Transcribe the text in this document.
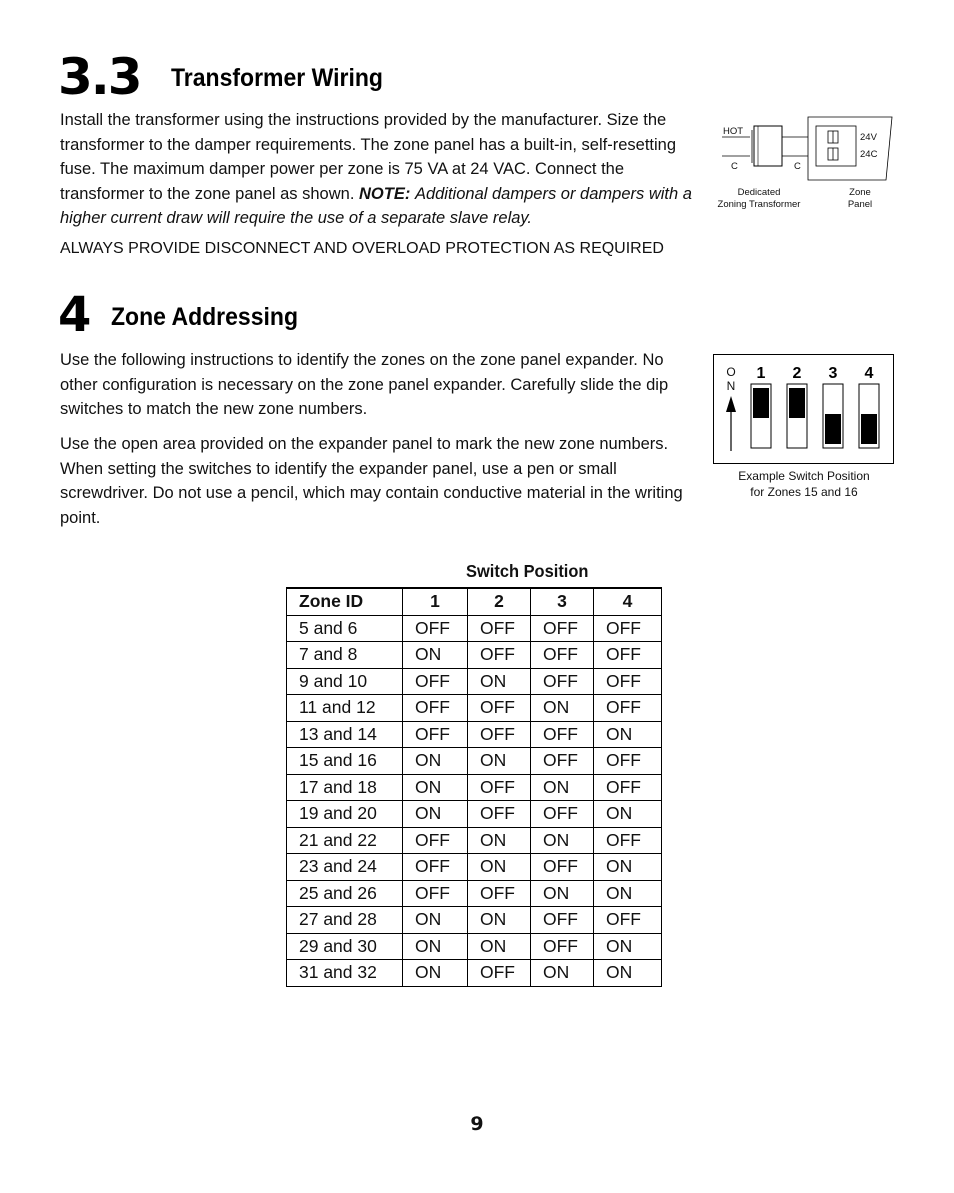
3.3 Transformer Wiring
Install the transformer using the instructions provided by the manufacturer. Size the transformer to the damper requirements. The zone panel has a built-in, self-resetting fuse. The maximum damper power per zone is 75 VA at 24 VAC. Connect the transformer to the zone panel as shown. NOTE: Additional dampers or dampers with a higher current draw will require the use of a separate slave relay.
ALWAYS PROVIDE DISCONNECT AND OVERLOAD PROTECTION AS REQUIRED
HOT
C	C
24V
24C
Dedicated
Zoning Transformer
Zone
Panel
4 Zone Addressing
Use the following instructions to identify the zones on the zone panel expander. No other configuration is necessary on the zone panel expander. Carefully slide the dip switches to match the new zone numbers.
Use the open area provided on the expander panel to mark the new zone numbers. When setting the switches to identify the expander panel, use a pen or small screwdriver. Do not use a pencil, which may contain conductive material in the writing point.
O
N
1 2 3 4
Example Switch Position
for Zones 15 and 16
Switch Position
Zone ID	1	2	3	4
5 and 6	OFF	OFF	OFF	OFF
7 and 8	ON	OFF	OFF	OFF
9 and 10	OFF	ON	OFF	OFF
11 and 12	OFF	OFF	ON	OFF
13 and 14	OFF	OFF	OFF	ON
15 and 16	ON	ON	OFF	OFF
17 and 18	ON	OFF	ON	OFF
19 and 20	ON	OFF	OFF	ON
21 and 22	OFF	ON	ON	OFF
23 and 24	OFF	ON	OFF	ON
25 and 26	OFF	OFF	ON	ON
27 and 28	ON	ON	OFF	OFF
29 and 30	ON	ON	OFF	ON
31 and 32	ON	OFF	ON	ON
9
